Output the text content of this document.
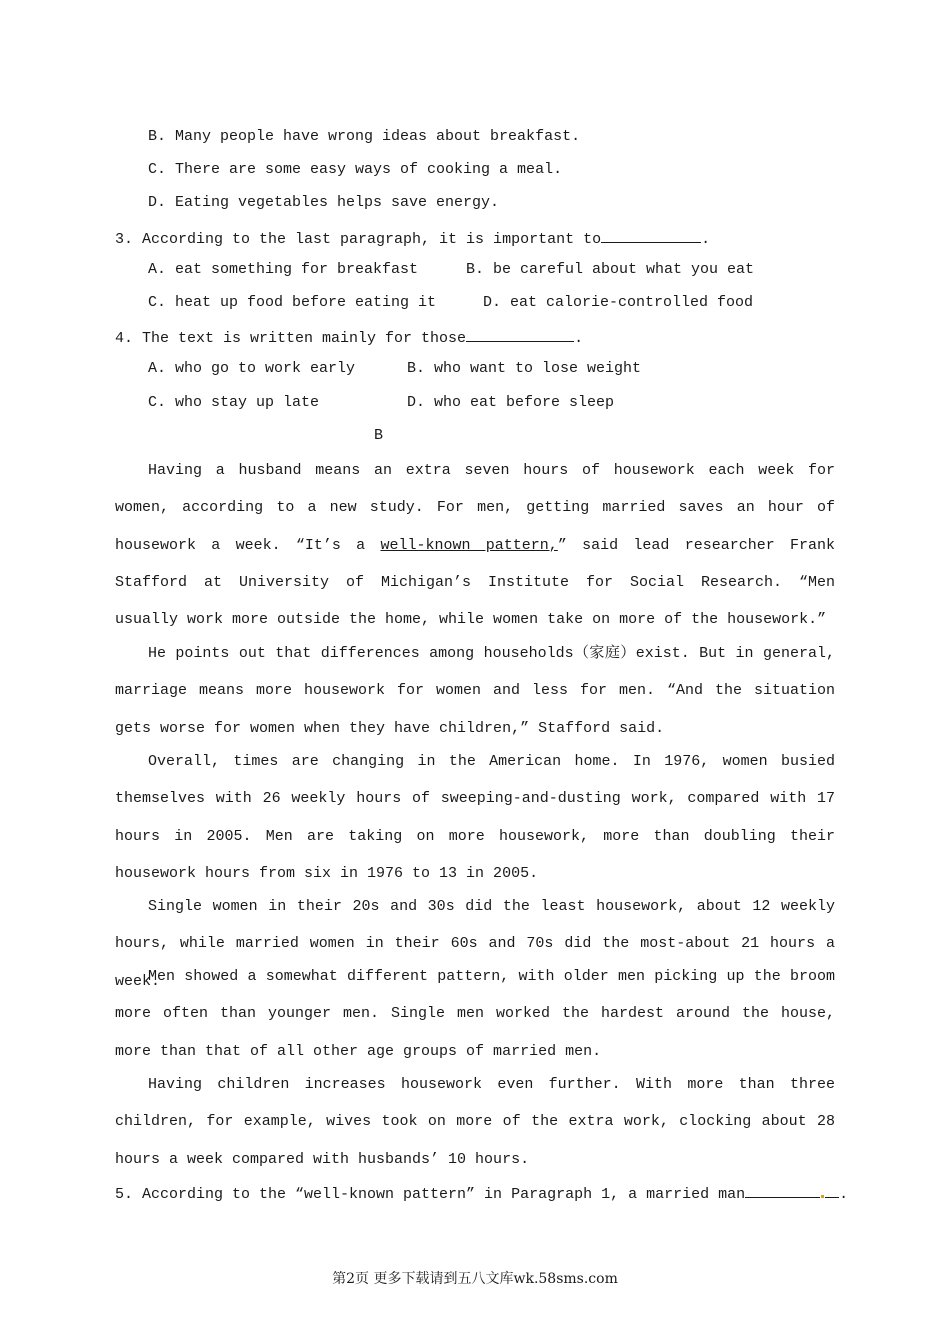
B. Many people have wrong ideas about breakfast.
C. There are some easy ways of cooking a meal.
D. Eating vegetables helps save energy.
3. According to the last paragraph, it is important to	.
A. eat something for breakfast	B. be careful about what you eat
C. heat up food before eating it	D. eat calorie-controlled food
4. The text is written mainly for those	.
A. who go to work early	B. who want to lose weight
C. who stay up late	D. who eat before sleep
B

Having a husband means an extra seven hours of housework each week for women, according to a new study. For men, getting married saves an hour of housework a week. “It’s a well-known pattern,” said lead researcher Frank Stafford at University of Michigan’s Institute for Social Research. “Men usually work more outside the home, while women take on more of the housework.”

He points out that differences among households（家庭）exist. But in general, marriage means more housework for women and less for men. “And the situation gets worse for women when they have children,” Stafford said.

Overall, times are changing in the American home. In 1976, women busied themselves with 26 weekly hours of sweeping-and-dusting work, compared with 17 hours in 2005. Men are taking on more housework, more than doubling their housework hours from six in 1976 to 13 in 2005.

Single women in their 20s and 30s did the least housework, about 12 weekly hours, while married women in their 60s and 70s did the most-about 21 hours a week.

Men showed a somewhat different pattern, with older men picking up the broom more often than younger men. Single men worked the hardest around the house, more than that of all other age groups of married men.

Having children increases housework even further. With more than three children, for example, wives took on more of the extra work, clocking about 28 hours a week compared with husbands’ 10 hours.

5. According to the “well-known pattern” in Paragraph 1, a married man	.
第2页 更多下载请到五八文库wk.58sms.com
